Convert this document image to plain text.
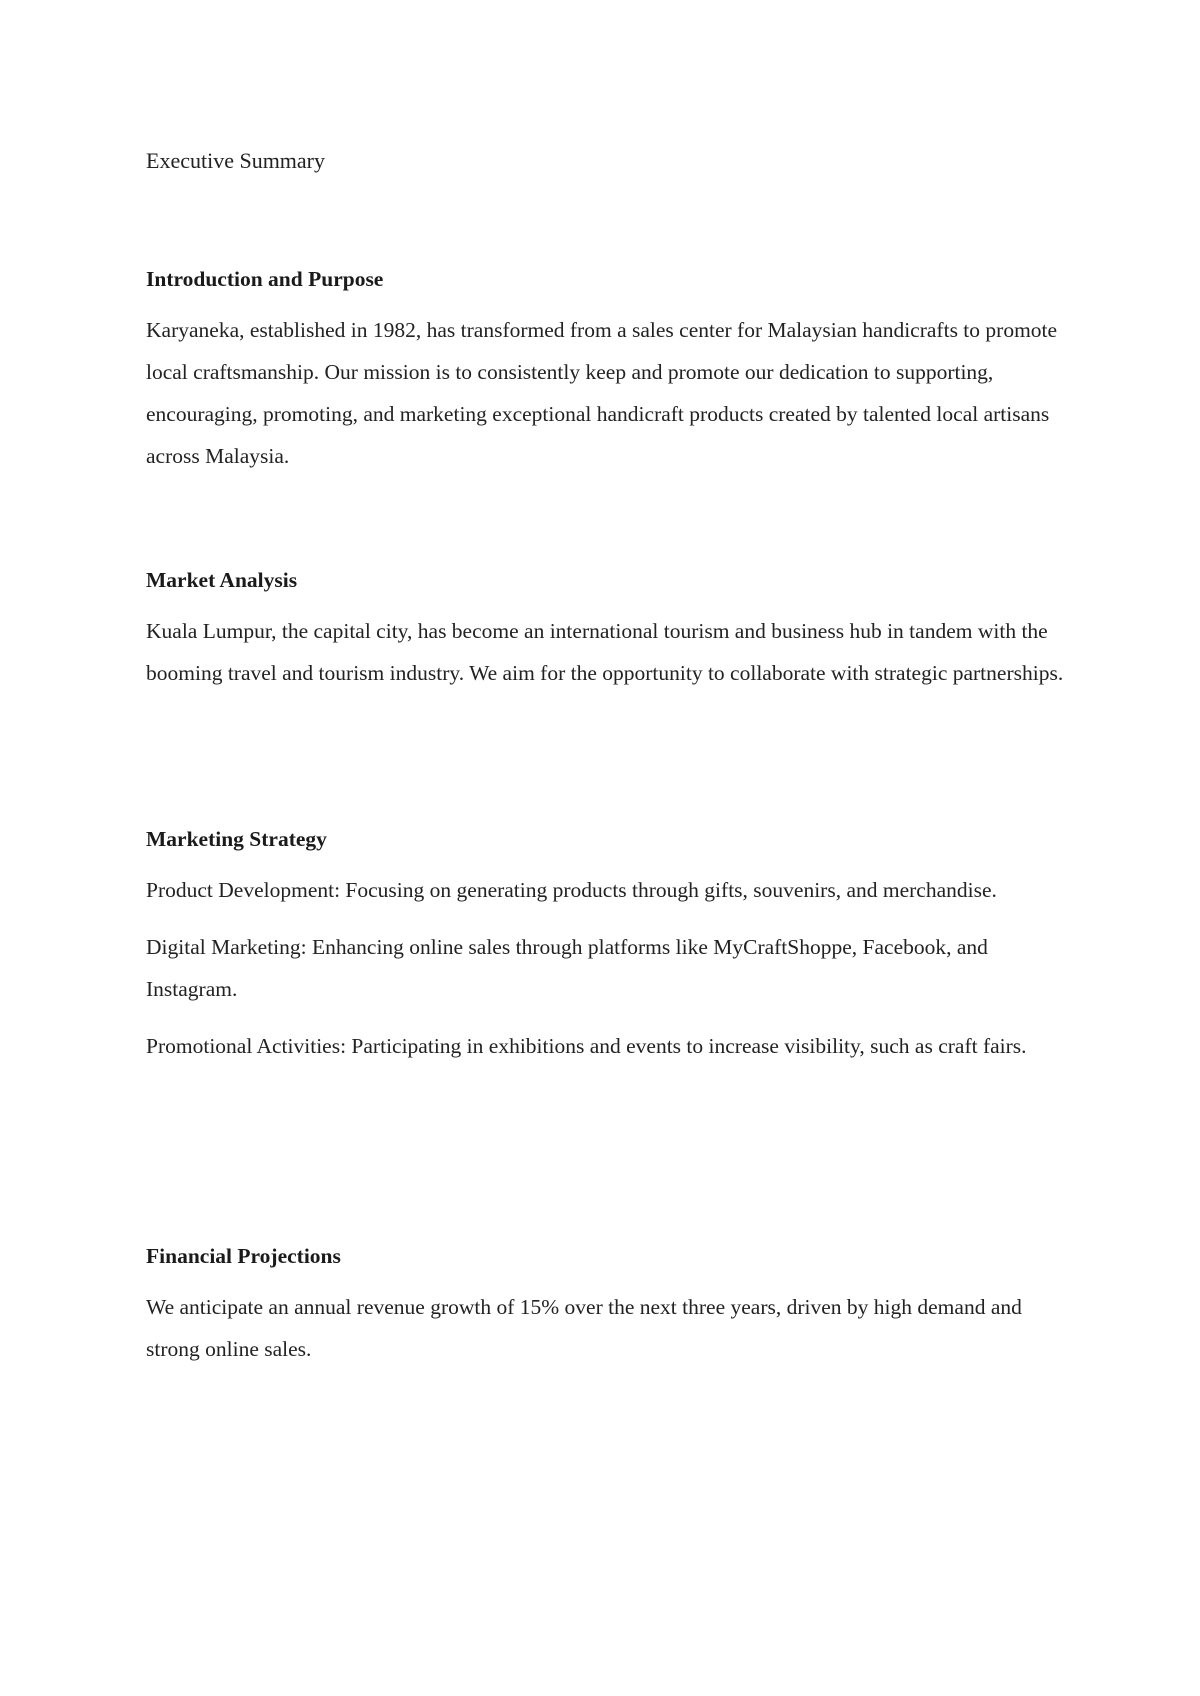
Executive Summary
Introduction and Purpose

Karyaneka, established in 1982, has transformed from a sales center for Malaysian handicrafts to promote local craftsmanship. Our mission is to consistently keep and promote our dedication to supporting, encouraging, promoting, and marketing exceptional handicraft products created by talented local artisans across Malaysia.

Market Analysis

Kuala Lumpur, the capital city, has become an international tourism and business hub in tandem with the booming travel and tourism industry. We aim for the opportunity to collaborate with strategic partnerships.

Marketing Strategy

Product Development: Focusing on generating products through gifts, souvenirs, and merchandise.

Digital Marketing: Enhancing online sales through platforms like MyCraftShoppe, Facebook, and Instagram.

Promotional Activities: Participating in exhibitions and events to increase visibility, such as craft fairs.

Financial Projections

We anticipate an annual revenue growth of 15% over the next three years, driven by high demand and strong online sales.
